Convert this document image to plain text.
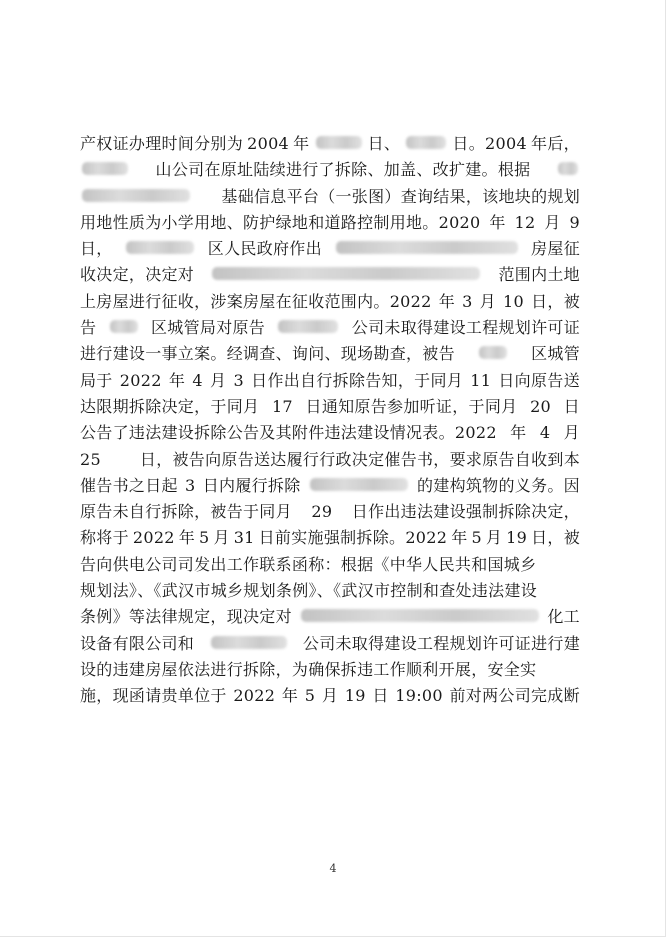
产权证办理时间分别为 2004 年	日、	日。2004 年后，
山公司在原址陆续进行了拆除、加盖、改扩建。根据
基础信息平台（一张图）查询结果，该地块的规划
用地性质为小学用地、防护绿地和道路控制用地。2020 年 12 月 9
日，	区人民政府作出	房屋征
收决定，决定对	范围内土地
上房屋进行征收，涉案房屋在征收范围内。2022 年 3 月 10 日，被
告	区城管局对原告	公司未取得建设工程规划许可证
进行建设一事立案。经调查、询问、现场勘查，被告	区城管
局于 2022 年 4 月 3 日作出自行拆除告知，于同月 11 日向原告送
达限期拆除决定，于同月 17 日通知原告参加听证，于同月 20 日
公告了违法建设拆除公告及其附件违法建设情况表。2022 年 4 月
25 日，被告向原告送达履行行政决定催告书，要求原告自收到本
催告书之日起 3 日内履行拆除	的建构筑物的义务。因
原告未自行拆除，被告于同月 29 日作出违法建设强制拆除决定，
称将于 2022 年 5 月 31 日前实施强制拆除。2022 年 5 月 19 日，被
告向供电公司司发出工作联系函称：根据《中华人民共和国城乡
规划法》、《武汉市城乡规划条例》、《武汉市控制和查处违法建设
条例》等法律规定，现决定对	化工
设备有限公司和	公司未取得建设工程规划许可证进行建
设的违建房屋依法进行拆除，为确保拆违工作顺利开展，安全实
施，现函请贵单位于 2022 年 5 月 19 日 19:00 前对两公司完成断
4
